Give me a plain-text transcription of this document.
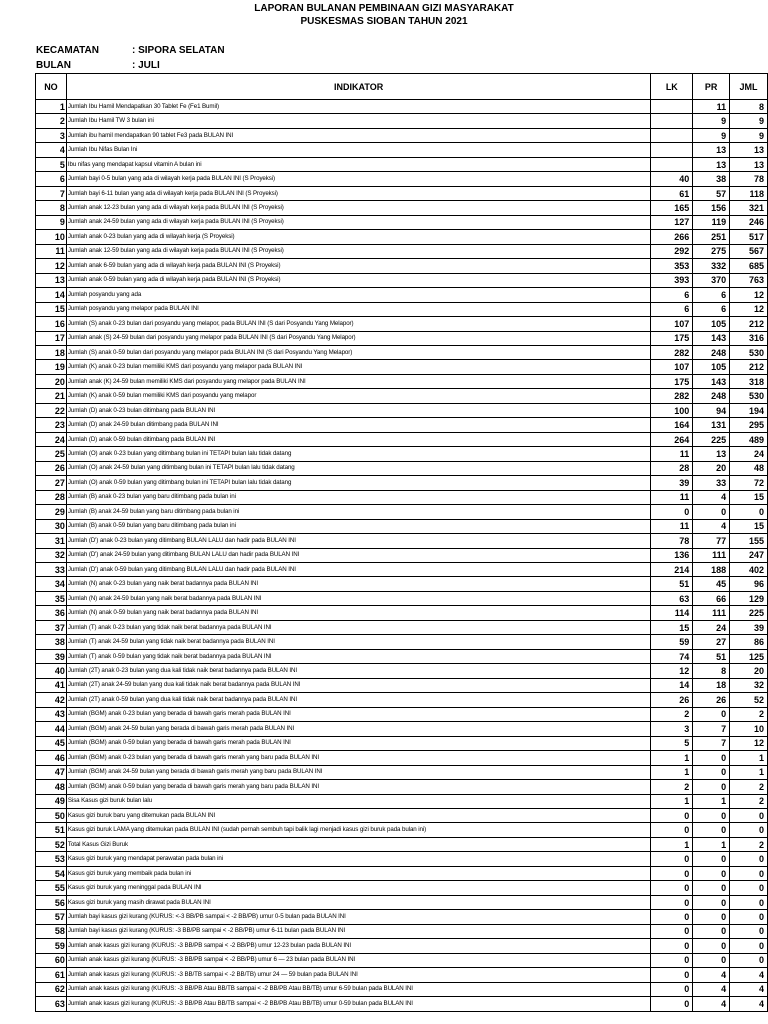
LAPORAN BULANAN PEMBINAAN GIZI MASYARAKAT
PUSKESMAS SIOBAN TAHUN 2021
KECAMATAN	: SIPORA SELATAN
BULAN	: JULI
NO	INDIKATOR	LK	PR	JML
1	Jumlah Ibu Hamil Mendapatkan 30 Tablet Fe (Fe1 Bumil)		11	8
2	Jumlah Ibu Hamil TW 3 bulan ini		9	9
3	Jumlah ibu hamil mendapatkan 90 tablet Fe3 pada BULAN INI		9	9
4	Jumlah Ibu Nifas Bulan Ini		13	13
5	Ibu nifas yang mendapat kapsul vitamin A bulan ini		13	13
6	Jumlah bayi 0-5 bulan yang ada di wilayah kerja pada BULAN INI (S Proyeksi)	40	38	78
7	Jumlah bayi 6-11 bulan yang ada di wilayah kerja pada BULAN INI (S Proyeksi)	61	57	118
8	Jumlah anak 12-23 bulan yang ada di wilayah kerja pada BULAN INI (S Proyeksi)	165	156	321
9	Jumlah anak 24-59 bulan yang ada di wilayah kerja pada BULAN INI (S Proyeksi)	127	119	246
10	Jumlah anak 0-23 bulan yang ada di wilayah kerja (S Proyeksi)	266	251	517
11	Jumlah anak 12-59 bulan yang ada di wilayah kerja pada BULAN INI (S Proyeksi)	292	275	567
12	Jumlah anak 6-59 bulan yang ada di wilayah kerja pada BULAN INI (S Proyeksi)	353	332	685
13	Jumlah anak 0-59 bulan yang ada di wilayah kerja pada BULAN INI (S Proyeksi)	393	370	763
14	Jumlah posyandu yang ada	6	6	12
15	Jumlah posyandu yang melapor pada BULAN INI	6	6	12
16	Jumlah (S) anak 0-23 bulan dari posyandu yang melapor, pada BULAN INI (S dari Posyandu Yang Melapor)	107	105	212
17	Jumlah anak (S) 24-59 bulan dari posyandu yang melapor pada BULAN INI (S dari Posyandu Yang Melapor)	175	143	316
18	Jumlah (S) anak 0-59 bulan dari posyandu yang melapor pada BULAN INI (S dari Posyandu Yang Melapor)	282	248	530
19	Jumlah (K) anak 0-23 bulan memiliki KMS dari posyandu yang melapor pada BULAN INI	107	105	212
20	Jumlah anak (K) 24-59 bulan memiliki KMS dari posyandu yang melapor pada BULAN INI	175	143	318
21	Jumlah (K) anak 0-59 bulan memiliki KMS dari posyandu yang melapor	282	248	530
22	Jumlah (D) anak 0-23 bulan ditimbang pada BULAN INI	100	94	194
23	Jumlah (D) anak 24-59 bulan ditimbang pada BULAN INI	164	131	295
24	Jumlah (D) anak 0-59 bulan ditimbang pada BULAN INI	264	225	489
25	Jumlah (O) anak 0-23 bulan yang ditimbang bulan ini TETAPI bulan lalu tidak datang	11	13	24
26	Jumlah (O) anak 24-59 bulan yang ditimbang bulan ini TETAPI bulan lalu tidak datang	28	20	48
27	Jumlah (O) anak 0-59 bulan yang ditimbang bulan ini TETAPI bulan lalu tidak datang	39	33	72
28	Jumlah (B) anak 0-23 bulan yang baru ditimbang pada bulan ini	11	4	15
29	Jumlah (B) anak 24-59 bulan yang baru ditimbang pada bulan ini	0	0	0
30	Jumlah (B) anak 0-59 bulan yang baru ditimbang pada bulan ini	11	4	15
31	Jumlah (D') anak 0-23 bulan yang ditimbang BULAN LALU dan hadir pada BULAN INI	78	77	155
32	Jumlah (D') anak 24-59 bulan yang ditimbang BULAN LALU dan hadir pada BULAN INI	136	111	247
33	Jumlah (D') anak 0-59 bulan yang ditimbang BULAN LALU dan hadir pada BULAN INI	214	188	402
34	Jumlah (N) anak 0-23 bulan yang naik berat badannya pada BULAN INI	51	45	96
35	Jumlah (N) anak 24-59 bulan yang naik berat badannya pada BULAN INI	63	66	129
36	Jumlah (N) anak 0-59 bulan yang naik berat badannya pada BULAN INI	114	111	225
37	Jumlah (T) anak 0-23 bulan yang tidak naik berat badannya pada BULAN INI	15	24	39
38	Jumlah (T) anak 24-59 bulan yang tidak naik berat badannya pada BULAN INI	59	27	86
39	Jumlah (T) anak 0-59 bulan yang tidak naik berat badannya pada BULAN INI	74	51	125
40	Jumlah (2T) anak 0-23 bulan yang dua kali tidak naik berat badannya pada BULAN INI	12	8	20
41	Jumlah (2T) anak 24-59 bulan yang dua kali tidak naik berat badannya pada BULAN INI	14	18	32
42	Jumlah (2T) anak 0-59 bulan yang dua kali tidak naik berat badannya pada BULAN INI	26	26	52
43	Jumlah (BGM) anak 0-23 bulan yang berada di bawah garis merah pada BULAN INI	2	0	2
44	Jumlah (BGM) anak 24-59 bulan yang berada di bawah garis merah pada BULAN INI	3	7	10
45	Jumlah (BGM) anak 0-59 bulan yang berada di bawah garis merah pada BULAN INI	5	7	12
46	Jumlah (BGM) anak 0-23 bulan yang berada di bawah garis merah yang baru pada BULAN INI	1	0	1
47	Jumlah (BGM) anak 24-59 bulan yang berada di bawah garis merah yang baru pada BULAN INI	1	0	1
48	Jumlah (BGM) anak 0-59 bulan yang berada di bawah garis merah yang baru pada BULAN INI	2	0	2
49	Sisa Kasus gizi buruk bulan lalu	1	1	2
50	Kasus gizi buruk baru yang ditemukan pada BULAN INI	0	0	0
51	Kasus gizi buruk LAMA yang ditemukan pada BULAN INI (sudah pernah sembuh tapi balik lagi menjadi kasus gizi buruk pada bulan ini)	0	0	0
52	Total Kasus Gizi Buruk	1	1	2
53	Kasus gizi buruk yang mendapat perawatan pada bulan ini	0	0	0
54	Kasus gizi buruk yang membaik pada bulan ini	0	0	0
55	Kasus gizi buruk yang meninggal pada BULAN INI	0	0	0
56	Kasus gizi buruk yang masih dirawat pada BULAN INI	0	0	0
57	Jumlah bayi kasus gizi kurang (KURUS: <-3 BB/PB sampai < -2 BB/PB) umur 0-5 bulan pada BULAN INI	0	0	0
58	Jumlah bayi kasus gizi kurang (KURUS: -3 BB/PB sampai < -2 BB/PB) umur 6-11 bulan pada BULAN INI	0	0	0
59	Jumlah anak kasus gizi kurang (KURUS: -3 BB/PB sampai < -2 BB/PB) umur 12-23 bulan pada BULAN INI	0	0	0
60	Jumlah anak kasus gizi kurang (KURUS: -3 BB/PB sampai < -2 BB/PB) umur 6 — 23 bulan pada BULAN INI	0	0	0
61	Jumlah anak kasus gizi kurang (KURUS: -3 BB/TB sampai < -2 BB/TB) umur 24 — 59 bulan pada BULAN INI	0	4	4
62	Jumlah anak kasus gizi kurang (KURUS: -3 BB/PB Atau BB/TB sampai < -2 BB/PB Atau BB/TB) umur 6-59 bulan pada BULAN INI	0	4	4
63	Jumlah anak kasus gizi kurang (KURUS: -3 BB/PB Atau BB/TB sampai < -2 BB/PB Atau BB/TB) umur 0-59 bulan pada BULAN INI	0	4	4
